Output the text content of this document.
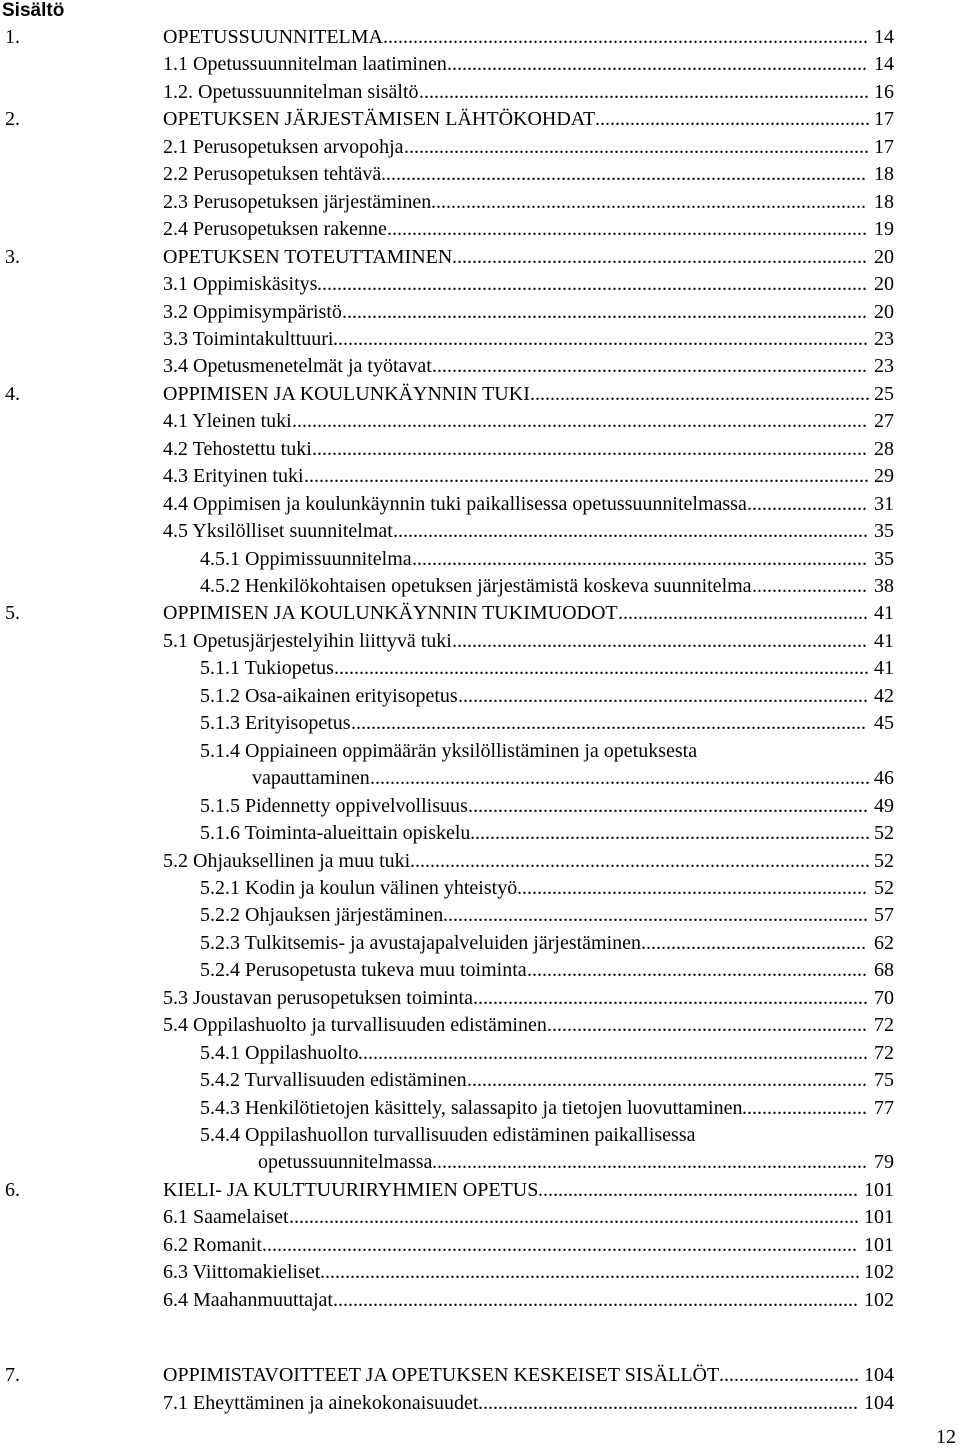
Sisältö
1.	OPETUSSUUNNITELMA	14
.................................................................................................
1.1 Opetussuunnitelman laatiminen	14
....................................................................................
1.2. Opetussuunnitelman sisältö	16
..........................................................................................
2.	OPETUKSEN JÄRJESTÄMISEN LÄHTÖKOHDAT	17
.......................................................
2.1 Perusopetuksen arvopohja	17
.............................................................................................
2.2 Perusopetuksen tehtävä	18
.................................................................................................
2.3 Perusopetuksen järjestäminen	18
.......................................................................................
2.4 Perusopetuksen rakenne	19
................................................................................................
3.	OPETUKSEN TOTEUTTAMINEN	20
...................................................................................
3.1 Oppimiskäsitys	20
..............................................................................................................
3.2 Oppimisympäristö	20
.........................................................................................................
3.3 Toimintakulttuuri	23
...........................................................................................................
3.4 Opetusmenetelmät ja työtavat	23
.......................................................................................
4.	OPPIMISEN JA KOULUNKÄYNNIN TUKI	25
....................................................................
4.1 Yleinen tuki	27
...................................................................................................................
4.2 Tehostettu tuki	28
...............................................................................................................
4.3 Erityinen tuki	29
.................................................................................................................
4.4 Oppimisen ja koulunkäynnin tuki paikallisessa opetussuunnitelmassa	31
........................
4.5 Yksilölliset suunnitelmat	35
...............................................................................................
4.5.1 Oppimissuunnitelma	35
...........................................................................................
4.5.2 Henkilökohtaisen opetuksen järjestämistä koskeva suunnitelma	38
.......................
5.	OPPIMISEN JA KOULUNKÄYNNIN TUKIMUODOT	41
..................................................
5.1 Opetusjärjestelyihin liittyvä tuki	41
...................................................................................
5.1.1 Tukiopetus	41
...........................................................................................................
5.1.2 Osa-aikainen erityisopetus	42
..................................................................................
5.1.3 Erityisopetus	45
.......................................................................................................
5.1.4 Oppiaineen oppimäärän yksilöllistäminen ja opetuksesta
vapauttaminen	46
....................................................................................................
5.1.5 Pidennetty oppivelvollisuus	49
................................................................................
5.1.6 Toiminta-alueittain opiskelu	52
................................................................................
5.2 Ohjauksellinen ja muu tuki	52
............................................................................................
5.2.1 Kodin ja koulun välinen yhteistyö	52
......................................................................
5.2.2 Ohjauksen järjestäminen	57
.....................................................................................
5.2.3 Tulkitsemis- ja avustajapalveluiden järjestäminen	62
.............................................
5.2.4 Perusopetusta tukeva muu toiminta	68
....................................................................
5.3 Joustavan perusopetuksen toiminta	70
...............................................................................
5.4 Oppilashuolto ja turvallisuuden edistäminen	72
................................................................
5.4.1 Oppilashuolto	72
......................................................................................................
5.4.2 Turvallisuuden edistäminen	75
................................................................................
5.4.3 Henkilötietojen käsittely, salassapito ja tietojen luovuttaminen	77
.........................
5.4.4 Oppilashuollon turvallisuuden edistäminen paikallisessa
opetussuunnitelmassa	79
.......................................................................................
6.	KIELI- JA KULTTUURIRYHMIEN OPETUS	101
................................................................
6.1 Saamelaiset	101
..................................................................................................................
6.2 Romanit	101
.......................................................................................................................
6.3 Viittomakieliset	102
............................................................................................................
6.4 Maahanmuuttajat	102
.........................................................................................................
7.	OPPIMISTAVOITTEET JA OPETUKSEN KESKEISET SISÄLLÖT	104
............................
7.1 Eheyttäminen ja ainekokonaisuudet	104
............................................................................
12
